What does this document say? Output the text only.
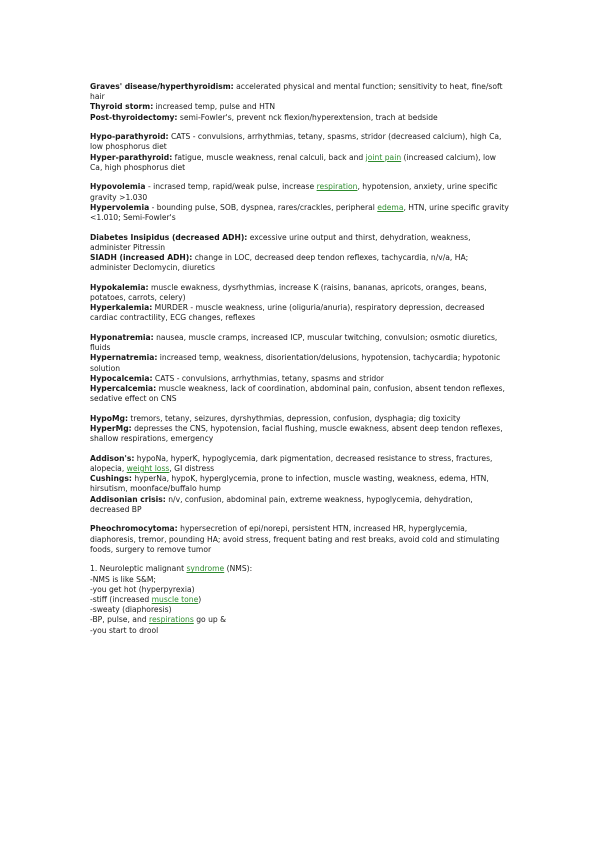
Graves' disease/hyperthyroidism: accelerated physical and mental function; sensitivity to heat, fine/soft hair

Thyroid storm: increased temp, pulse and HTN

Post-thyroidectomy: semi-Fowler's, prevent nck flexion/hyperextension, trach at bedside

Hypo-parathyroid: CATS - convulsions, arrhythmias, tetany, spasms, stridor (decreased calcium), high Ca, low phosphorus diet

Hyper-parathyroid: fatigue, muscle weakness, renal calculi, back and joint pain (increased calcium), low Ca, high phosphorus diet

Hypovolemia - incrased temp, rapid/weak pulse, increase respiration, hypotension, anxiety, urine specific gravity >1.030

Hypervolemia - bounding pulse, SOB, dyspnea, rares/crackles, peripheral edema, HTN, urine specific gravity <1.010; Semi-Fowler's

Diabetes Insipidus (decreased ADH): excessive urine output and thirst, dehydration, weakness, administer Pitressin

SIADH (increased ADH): change in LOC, decreased deep tendon reflexes, tachycardia, n/v/a, HA; administer Declomycin, diuretics

Hypokalemia: muscle ewakness, dysrhythmias, increase K (raisins, bananas, apricots, oranges, beans, potatoes, carrots, celery)

Hyperkalemia: MURDER - muscle weakness, urine (oliguria/anuria), respiratory depression, decreased cardiac contractility, ECG changes, reflexes

Hyponatremia: nausea, muscle cramps, increased ICP, muscular twitching, convulsion; osmotic diuretics, fluids

Hypernatremia: increased temp, weakness, disorientation/delusions, hypotension, tachycardia; hypotonic solution

Hypocalcemia: CATS - convulsions, arrhythmias, tetany, spasms and stridor

Hypercalcemia: muscle weakness, lack of coordination, abdominal pain, confusion, absent tendon reflexes, sedative effect on CNS

HypoMg: tremors, tetany, seizures, dyrshythmias, depression, confusion, dysphagia; dig toxicity

HyperMg: depresses the CNS, hypotension, facial flushing, muscle ewakness, absent deep tendon reflexes, shallow respirations, emergency

Addison's: hypoNa, hyperK, hypoglycemia, dark pigmentation, decreased resistance to stress, fractures, alopecia, weight loss, GI distress

Cushings: hyperNa, hypoK, hyperglycemia, prone to infection, muscle wasting, weakness, edema, HTN, hirsutism, moonface/buffalo hump

Addisonian crisis: n/v, confusion, abdominal pain, extreme weakness, hypoglycemia, dehydration, decreased BP

Pheochromocytoma: hypersecretion of epi/norepi, persistent HTN, increased HR, hyperglycemia, diaphoresis, tremor, pounding HA; avoid stress, frequent bating and rest breaks, avoid cold and stimulating foods, surgery to remove tumor

1. Neuroleptic malignant syndrome (NMS):

-NMS is like S&M;

-you get hot (hyperpyrexia)

-stiff (increased muscle tone)

-sweaty (diaphoresis)

-BP, pulse, and respirations go up &

-you start to drool
